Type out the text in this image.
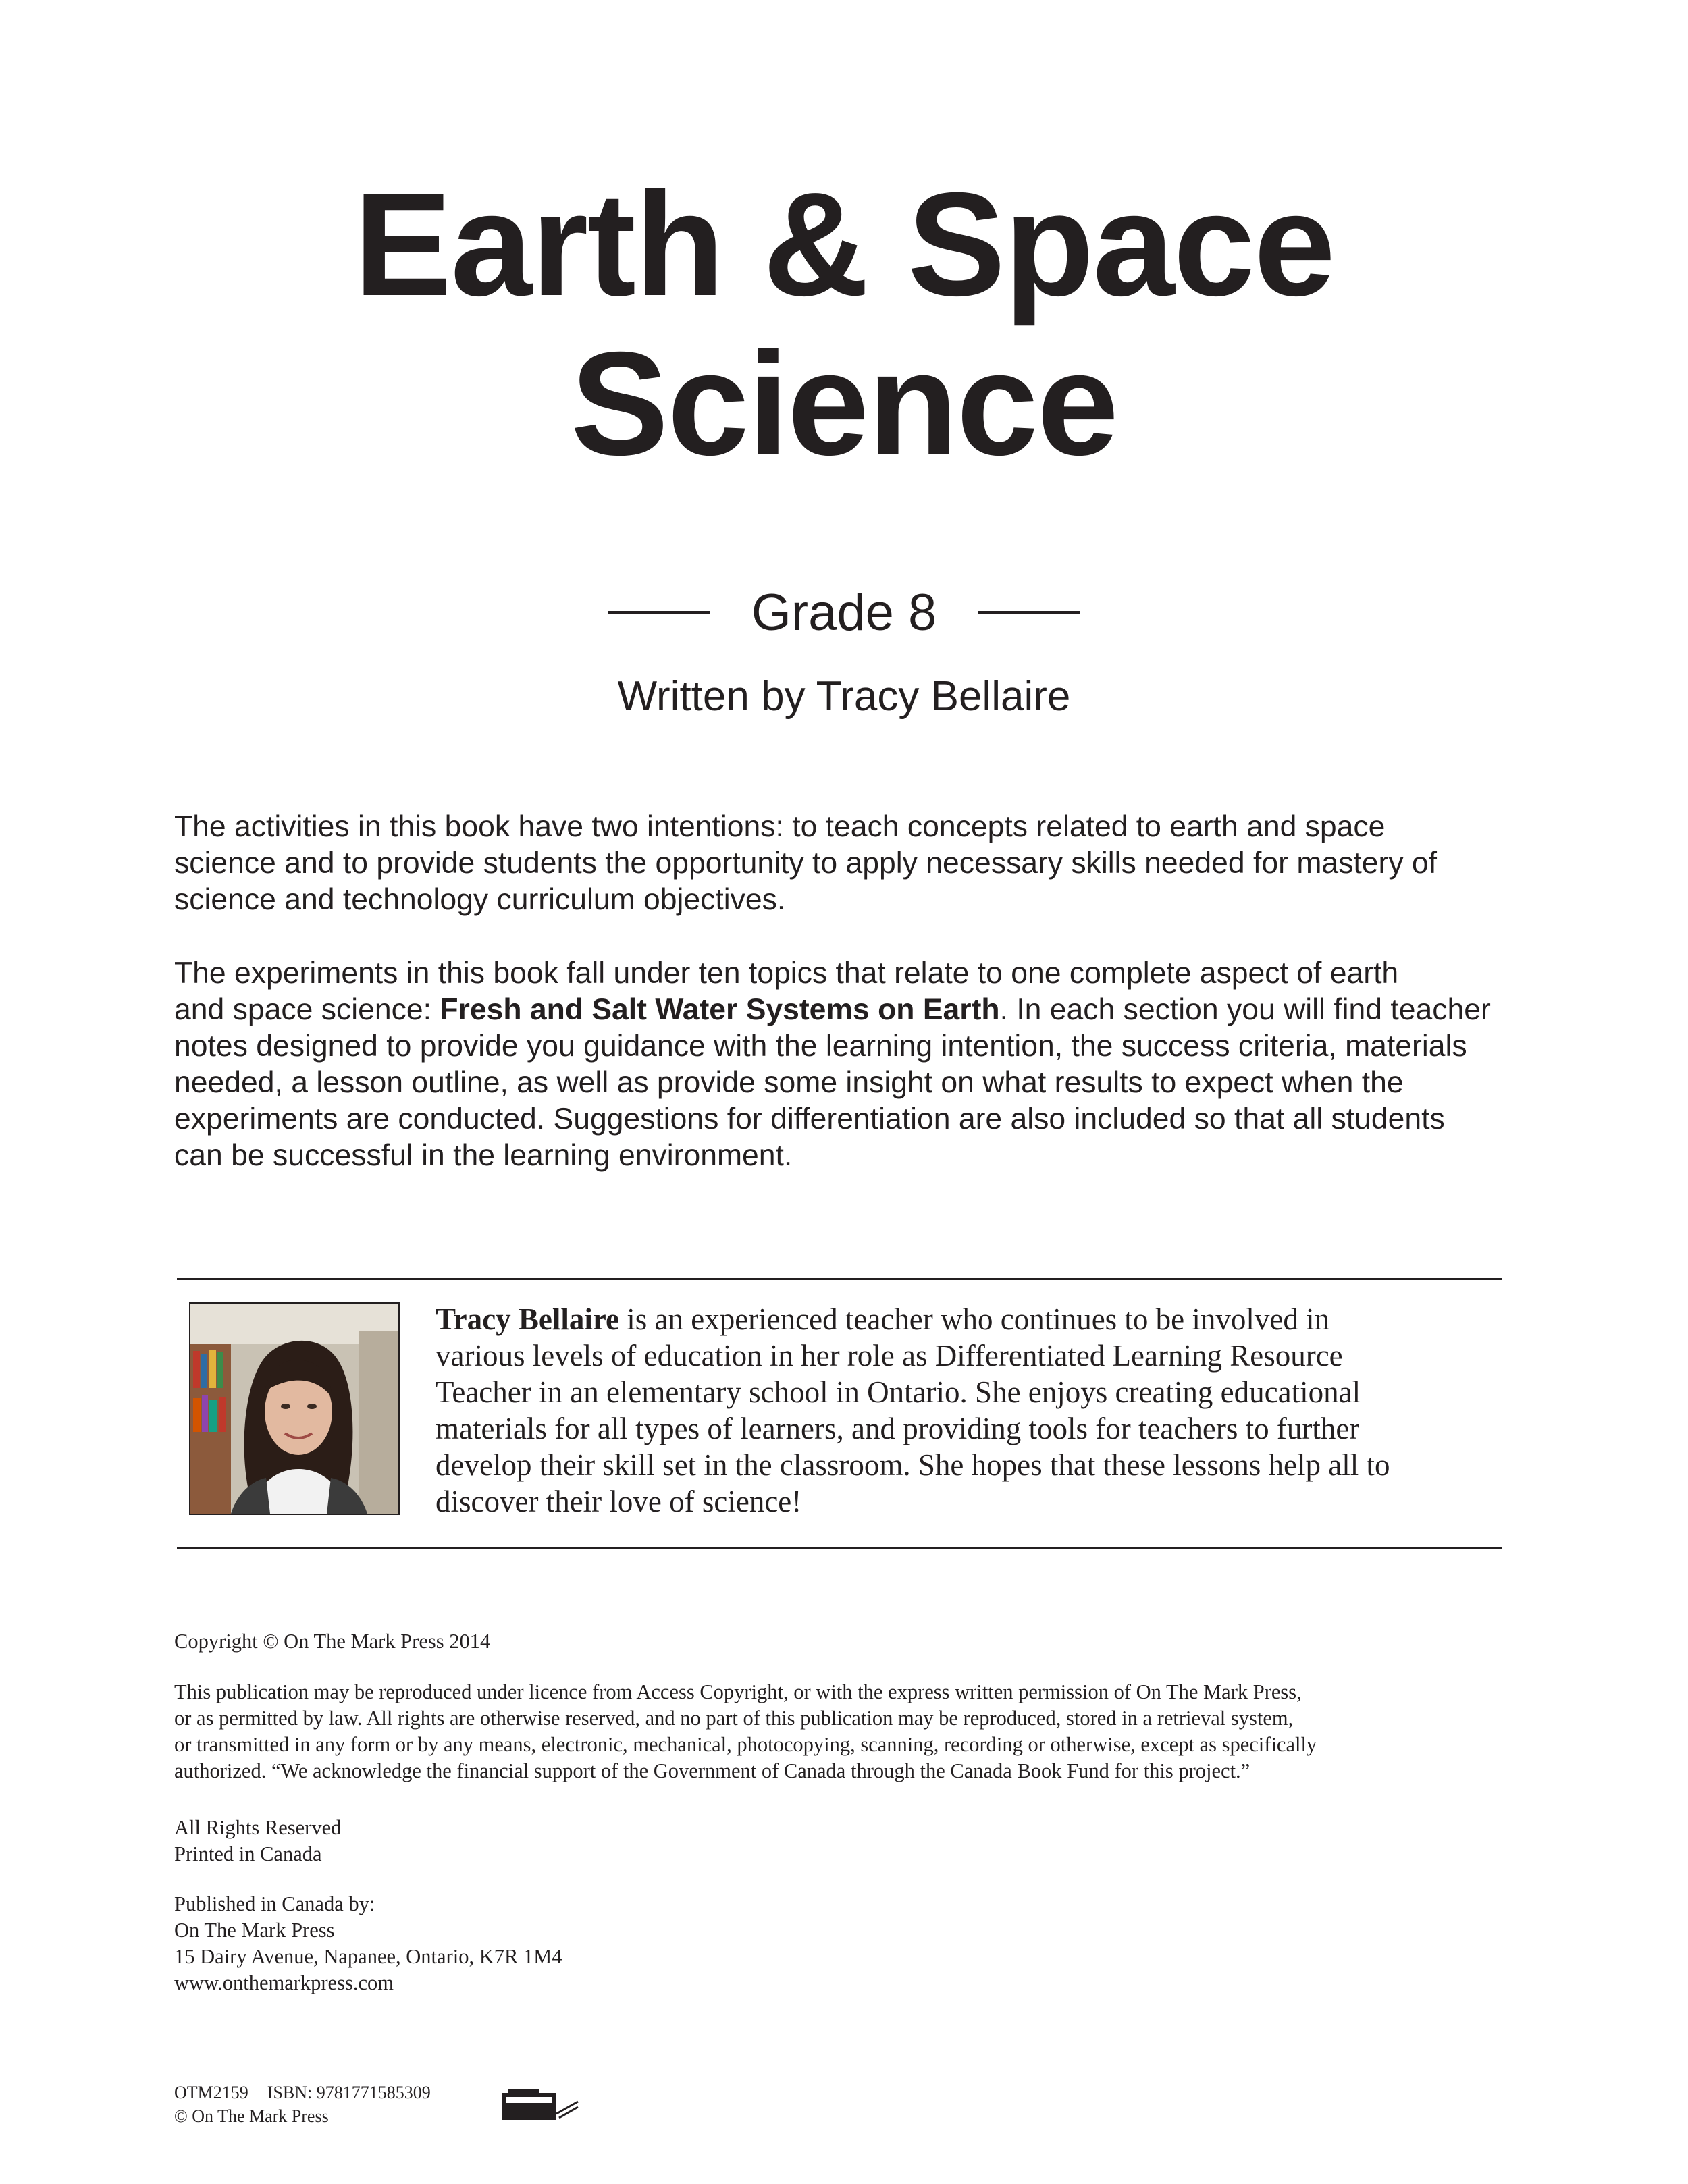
Earth & Space
Science
Grade 8
Written by Tracy Bellaire
The activities in this book have two intentions: to teach concepts related to earth and space
science and to provide students the opportunity to apply necessary skills needed for mastery of
science and technology curriculum objectives.
The experiments in this book fall under ten topics that relate to one complete aspect of earth
and space science: Fresh and Salt Water Systems on Earth. In each section you will find teacher
notes designed to provide you guidance with the learning intention, the success criteria, materials
needed, a lesson outline, as well as provide some insight on what results to expect when the
experiments are conducted. Suggestions for differentiation are also included so that all students
can be successful in the learning environment.
Tracy Bellaire is an experienced teacher who continues to be involved in
various levels of education in her role as Differentiated Learning Resource
Teacher in an elementary school in Ontario. She enjoys creating educational
materials for all types of learners, and providing tools for teachers to further
develop their skill set in the classroom. She hopes that these lessons help all to
discover their love of science!
Copyright © On The Mark Press 2014
This publication may be reproduced under licence from Access Copyright, or with the express written permission of On The Mark Press,
or as permitted by law. All rights are otherwise reserved, and no part of this publication may be reproduced, stored in a retrieval system,
or transmitted in any form or by any means, electronic, mechanical, photocopying, scanning, recording or otherwise, except as specifically
authorized. “We acknowledge the financial support of the Government of Canada through the Canada Book Fund for this project.”
All Rights Reserved
Printed in Canada
Published in Canada by:
On The Mark Press
15 Dairy Avenue, Napanee, Ontario, K7R 1M4
www.onthemarkpress.com
OTM2159 ISBN: 9781771585309
© On The Mark Press
